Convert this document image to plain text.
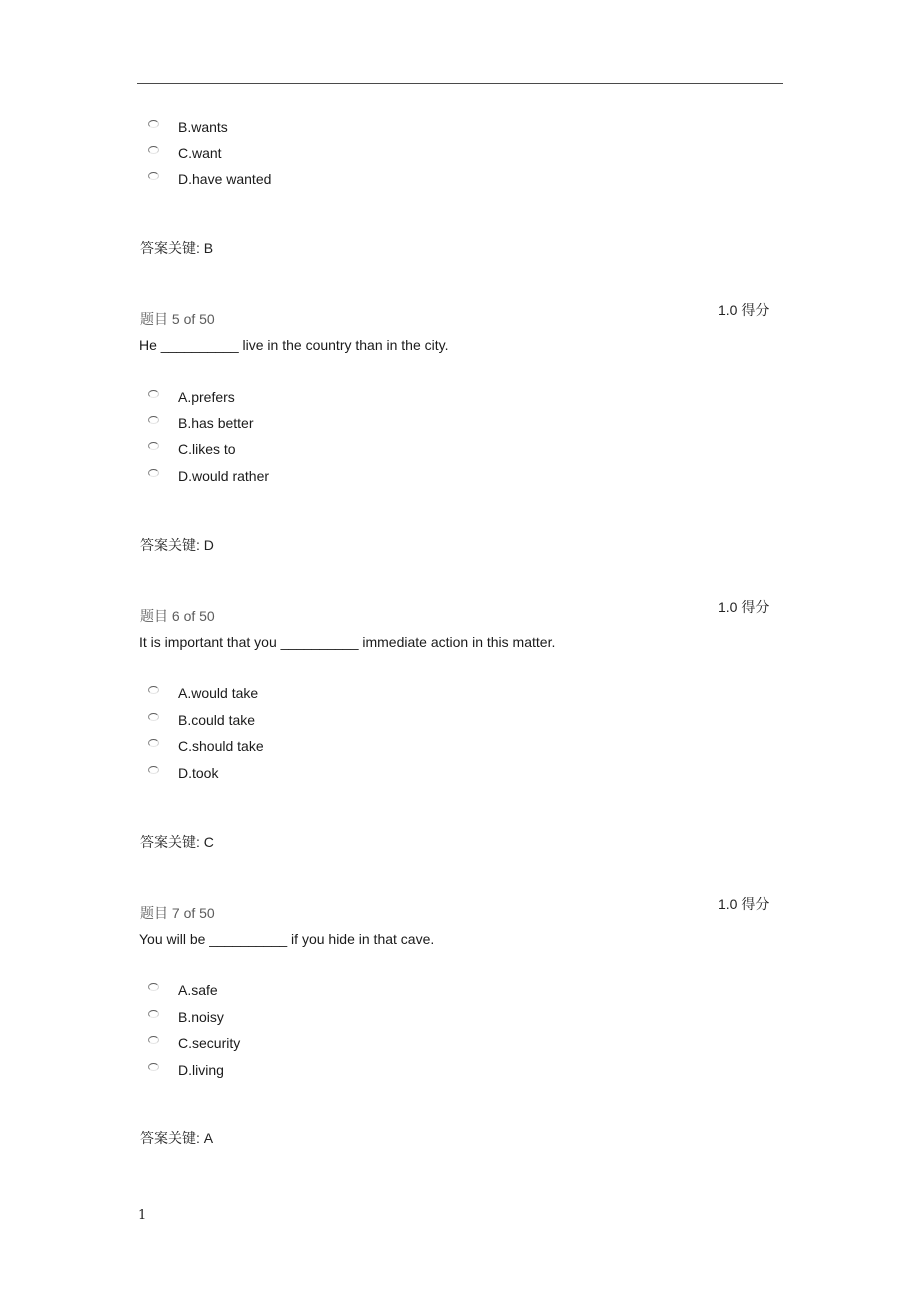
B.wants
C.want
D.have wanted
答案关键: B
1.0 得分
题目 5 of 50
He __________ live in the country than in the city.
A.prefers
B.has better
C.likes to
D.would rather
答案关键: D
1.0 得分
题目 6 of 50
It is important that you __________ immediate action in this matter.
A.would take
B.could take
C.should take
D.took
答案关键: C
1.0 得分
题目 7 of 50
You will be __________ if you hide in that cave.
A.safe
B.noisy
C.security
D.living
答案关键: A
1
